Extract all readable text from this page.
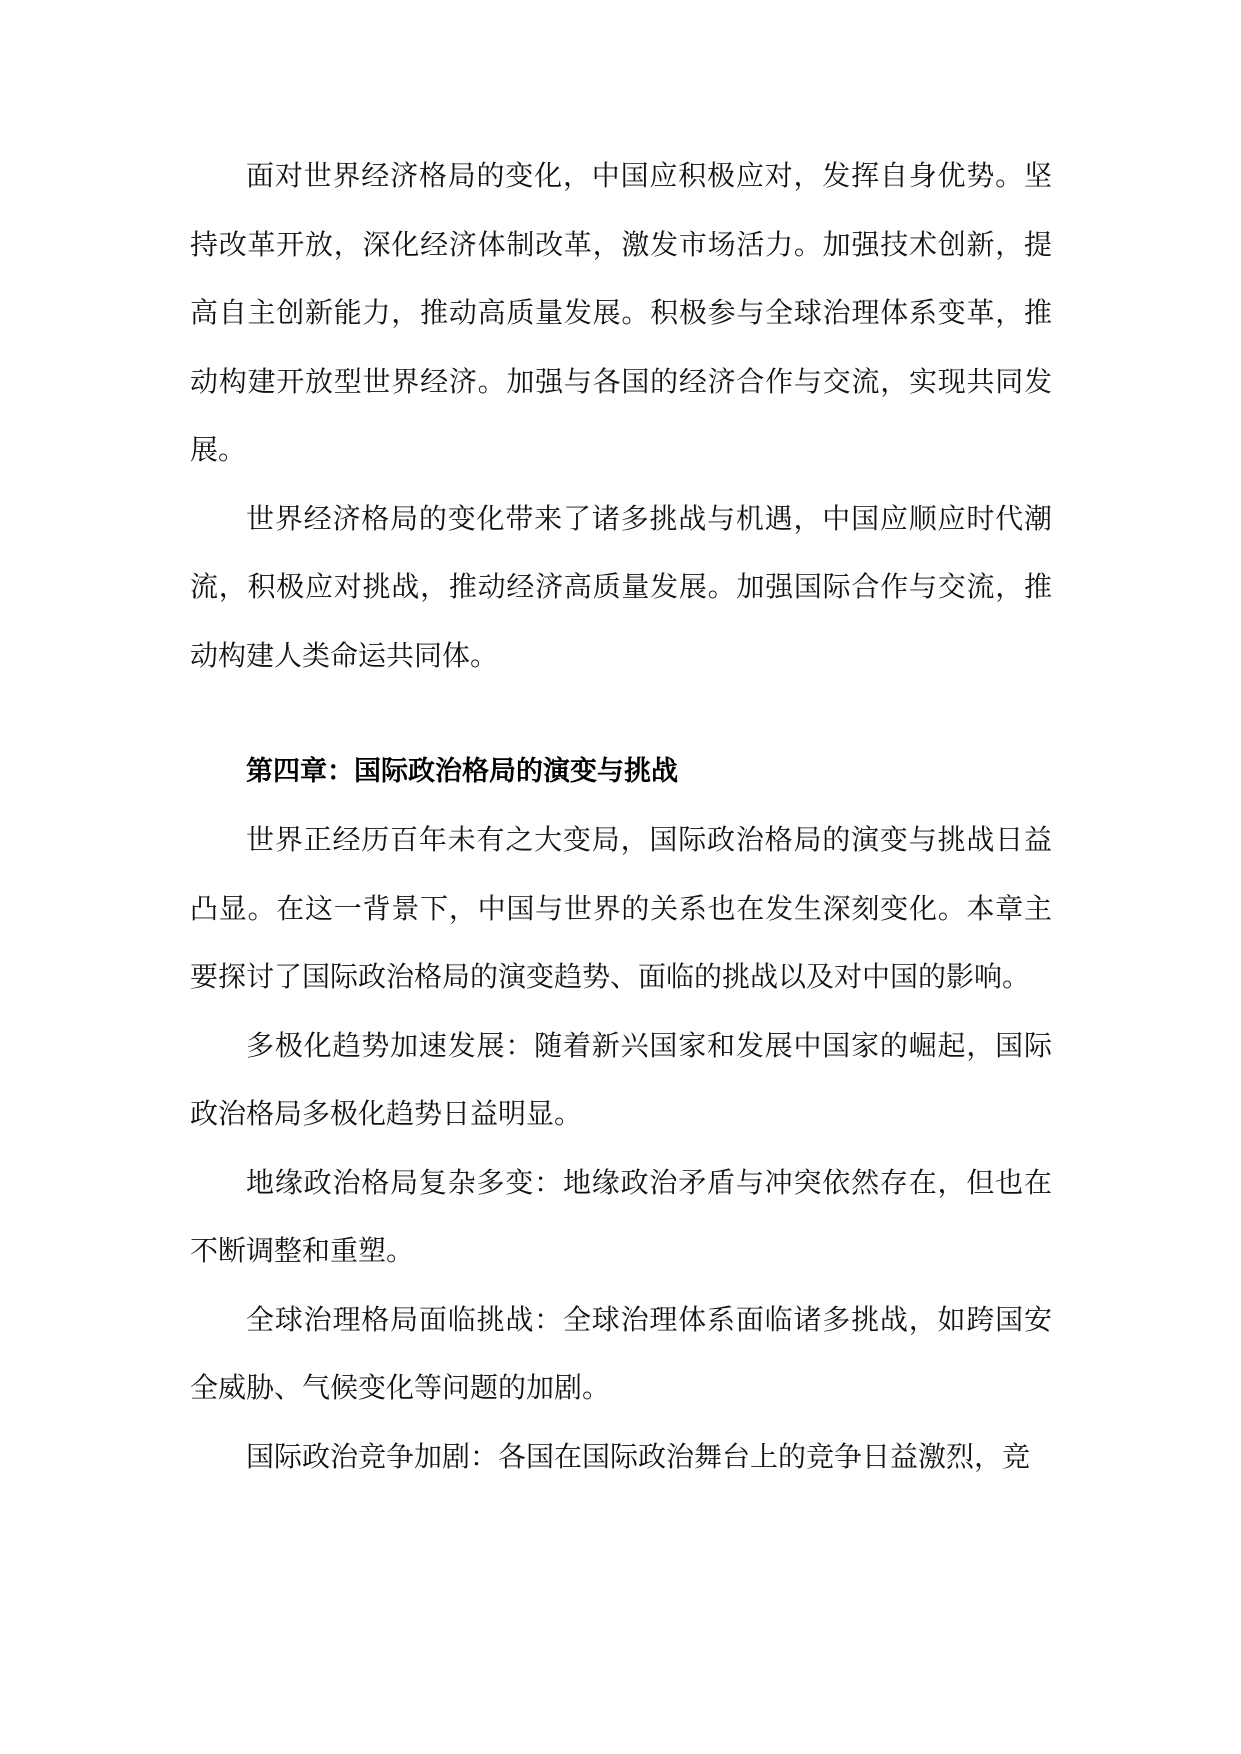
面对世界经济格局的变化，中国应积极应对，发挥自身优势。坚持改革开放，深化经济体制改革，激发市场活力。加强技术创新，提高自主创新能力，推动高质量发展。积极参与全球治理体系变革，推动构建开放型世界经济。加强与各国的经济合作与交流，实现共同发展。

世界经济格局的变化带来了诸多挑战与机遇，中国应顺应时代潮流，积极应对挑战，推动经济高质量发展。加强国际合作与交流，推动构建人类命运共同体。

第四章：国际政治格局的演变与挑战

世界正经历百年未有之大变局，国际政治格局的演变与挑战日益凸显。在这一背景下，中国与世界的关系也在发生深刻变化。本章主要探讨了国际政治格局的演变趋势、面临的挑战以及对中国的影响。

多极化趋势加速发展：随着新兴国家和发展中国家的崛起，国际政治格局多极化趋势日益明显。

地缘政治格局复杂多变：地缘政治矛盾与冲突依然存在，但也在不断调整和重塑。

全球治理格局面临挑战：全球治理体系面临诸多挑战，如跨国安全威胁、气候变化等问题的加剧。

国际政治竞争加剧：各国在国际政治舞台上的竞争日益激烈，竞
